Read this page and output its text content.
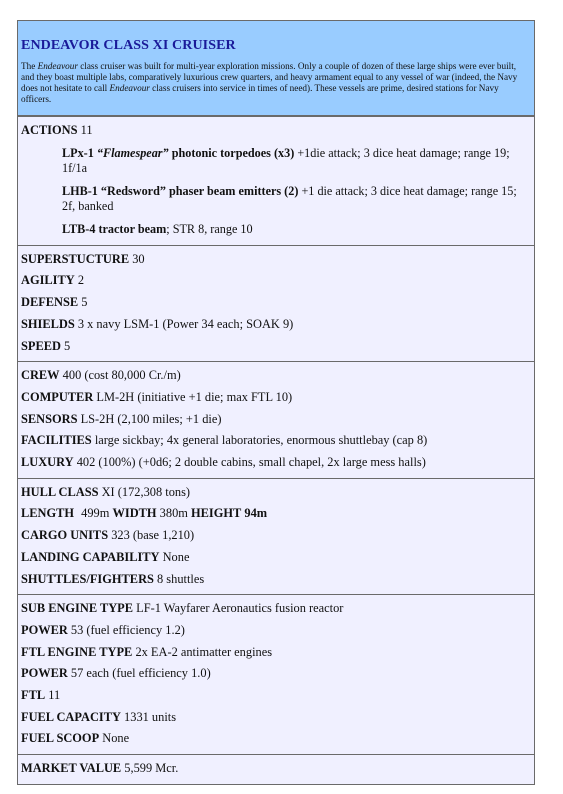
ENDEAVOR CLASS XI CRUISER

The Endeavour class cruiser was built for multi-year exploration missions. Only a couple of dozen of these large ships were ever built, and they boast multiple labs, comparatively luxurious crew quarters, and heavy armament equal to any vessel of war (indeed, the Navy does not hesitate to call Endeavour class cruisers into service in times of need). These vessels are prime, desired stations for Navy officers.

ACTIONS 11
LPx-1 “Flamespear” photonic torpedoes (x3) +1die attack; 3 dice heat damage; range 19; 1f/1a
LHB-1 “Redsword” phaser beam emitters (2) +1 die attack; 3 dice heat damage; range 15; 2f, banked
LTB-4 tractor beam; STR 8, range 10
SUPERSTUCTURE 30
AGILITY 2
DEFENSE 5
SHIELDS 3 x navy LSM-1 (Power 34 each; SOAK 9)
SPEED 5
CREW 400 (cost 80,000 Cr./m)
COMPUTER LM-2H (initiative +1 die; max FTL 10)
SENSORS LS-2H (2,100 miles; +1 die)
FACILITIES large sickbay; 4x general laboratories, enormous shuttlebay (cap 8)
LUXURY 402 (100%) (+0d6; 2 double cabins, small chapel, 2x large mess halls)
HULL CLASS XI (172,308 tons)
LENGTH 499m WIDTH 380m HEIGHT 94m
CARGO UNITS 323 (base 1,210)
LANDING CAPABILITY None
SHUTTLES/FIGHTERS 8 shuttles
SUB ENGINE TYPE LF-1 Wayfarer Aeronautics fusion reactor
POWER 53 (fuel efficiency 1.2)
FTL ENGINE TYPE 2x EA-2 antimatter engines
POWER 57 each (fuel efficiency 1.0)
FTL 11
FUEL CAPACITY 1331 units
FUEL SCOOP None
MARKET VALUE 5,599 Mcr.
